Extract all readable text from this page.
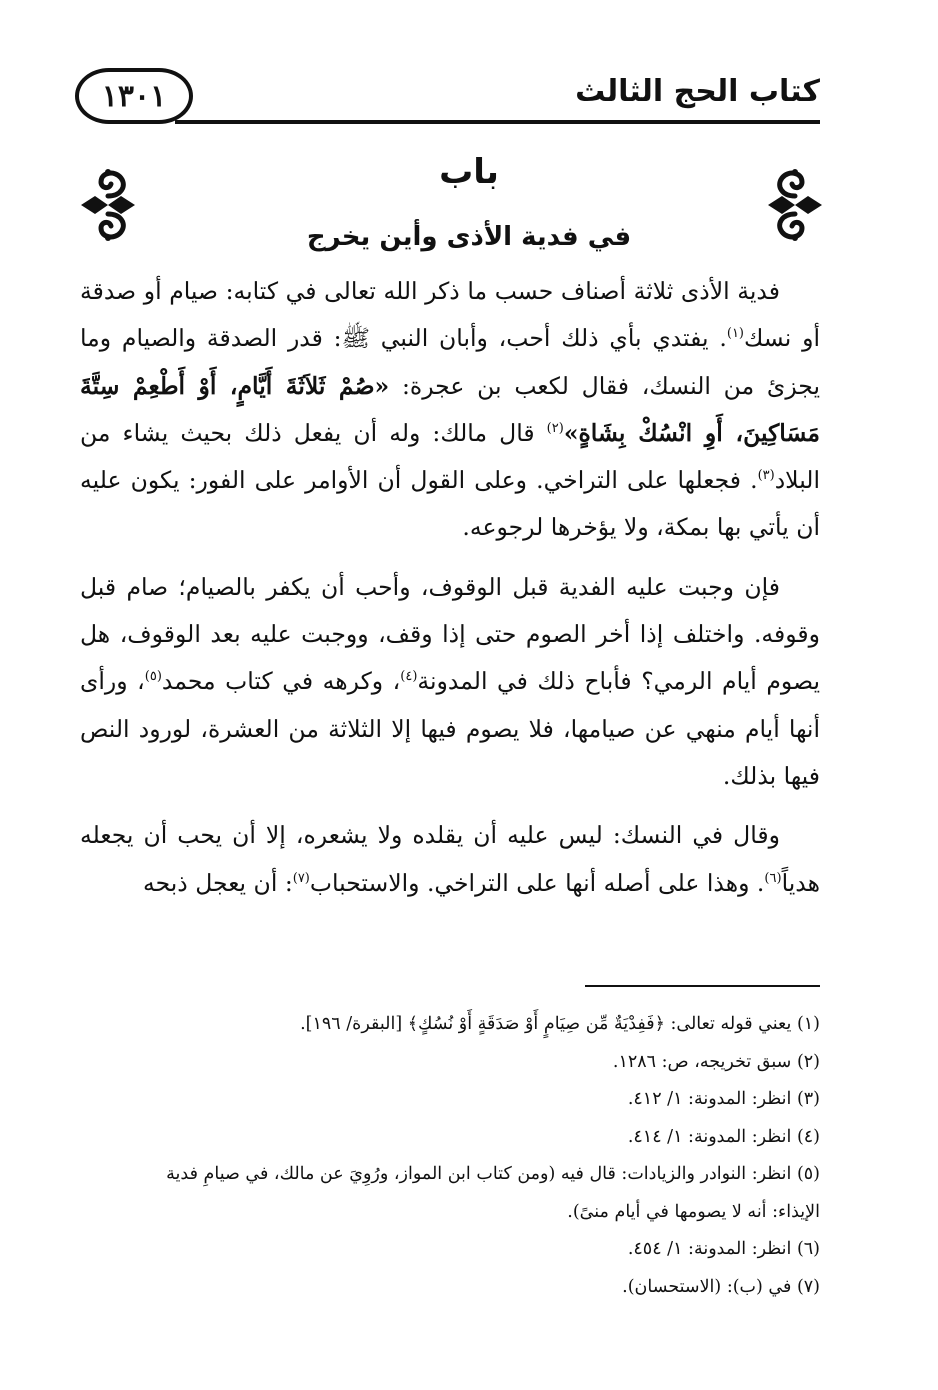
١٣٠١	كتاب الحج الثالث
باب
في فدية الأذى وأين يخرج

فدية الأذى ثلاثة أصناف حسب ما ذكر الله تعالى في كتابه: صيام أو صدقة أو نسك$^{(١)}$. يفتدي بأي ذلك أحب، وأبان النبي ﷺ: قدر الصدقة والصيام وما يجزئ من النسك، فقال لكعب بن عجرة: «صُمْ ثَلاَثَةَ أَيَّامٍ، أَوْ أَطْعِمْ سِتَّةَ مَسَاكِينَ، أَوِ انْسُكْ بِشَاةٍ»$^{(٢)}$ قال مالك: وله أن يفعل ذلك بحيث يشاء من البلاد$^{(٣)}$. فجعلها على التراخي. وعلى القول أن الأوامر على الفور: يكون عليه أن يأتي بها بمكة، ولا يؤخرها لرجوعه.

فإن وجبت عليه الفدية قبل الوقوف، وأحب أن يكفر بالصيام؛ صام قبل وقوفه. واختلف إذا أخر الصوم حتى إذا وقف، ووجبت عليه بعد الوقوف، هل يصوم أيام الرمي؟ فأباح ذلك في المدونة$^{(٤)}$، وكرهه في كتاب محمد$^{(٥)}$، ورأى أنها أيام منهي عن صيامها، فلا يصوم فيها إلا الثلاثة من العشرة، لورود النص فيها بذلك.

وقال في النسك: ليس عليه أن يقلده ولا يشعره، إلا أن يحب أن يجعله هدياً$^{(٦)}$. وهذا على أصله أنها على التراخي. والاستحباب$^{(٧)}$: أن يعجل ذبحه

(١) يعني قوله تعالى: ﴿فَفِدْيَةٌ مِّن صِيَامٍ أَوْ صَدَقَةٍ أَوْ نُسُكٍ﴾ [البقرة/ ١٩٦].

(٢) سبق تخريجه، ص: ١٢٨٦.

(٣) انظر: المدونة: ١/ ٤١٢.

(٤) انظر: المدونة: ١/ ٤١٤.

(٥) انظر: النوادر والزيادات: قال فيه (ومن كتاب ابن المواز، ورُوِيَ عن مالك، في صيامِ فدية

الإيذاء: أنه لا يصومها في أيام منىً).

(٦) انظر: المدونة: ١/ ٤٥٤.

(٧) في (ب): (الاستحسان).
